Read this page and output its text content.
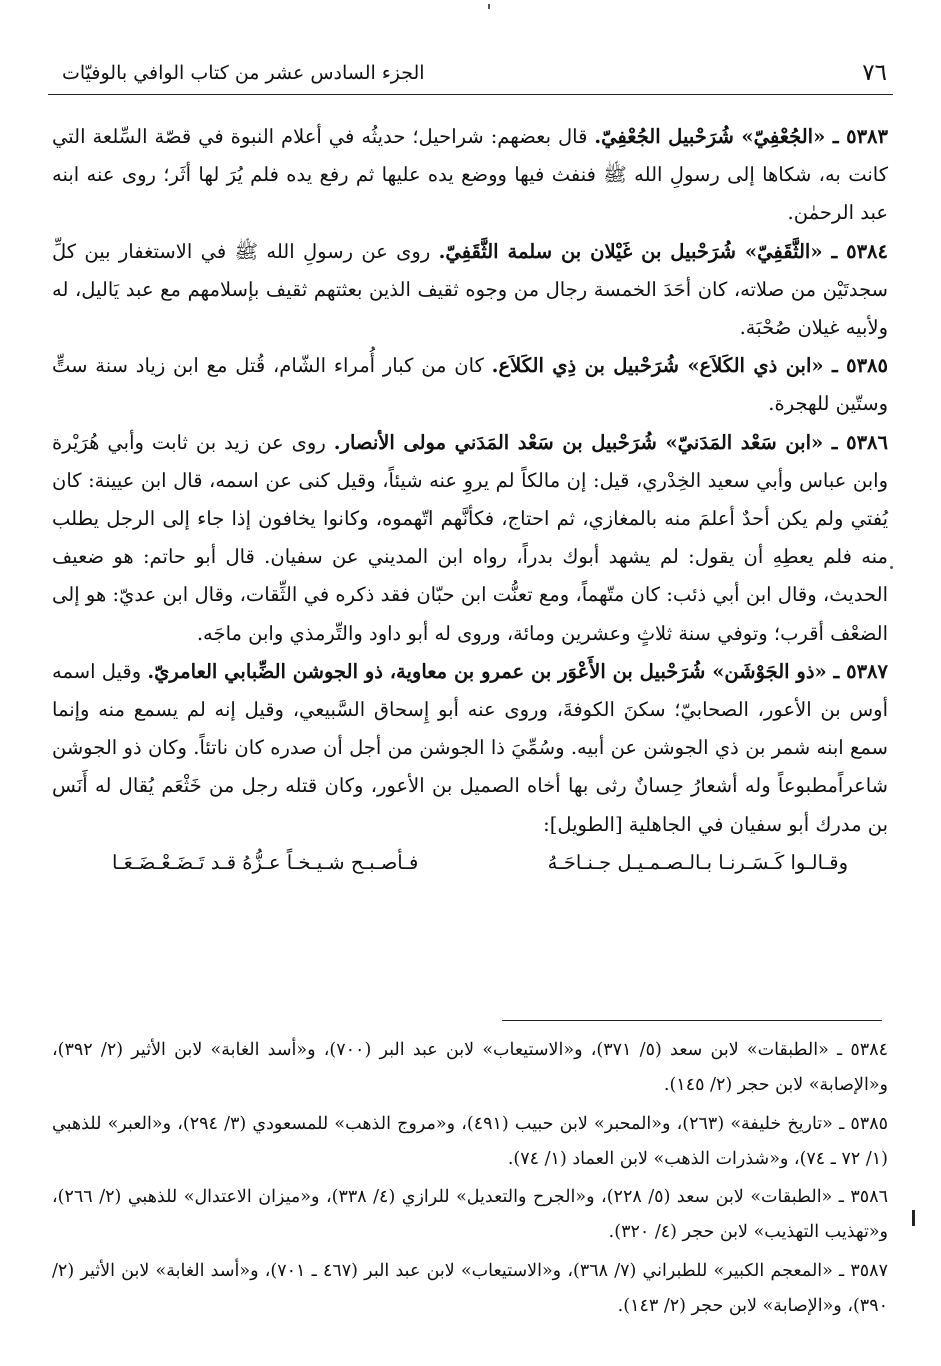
٧٦
الجزء السادس عشر من كتاب الوافي بالوفيّات

٥٣٨٣ ـ «الجُعْفِيّ» شُرَحْبيل الجُعْفِيّ. قال بعضهم: شراحيل؛ حديثُه في أعلام النبوة في قصّة السِّلعة التي كانت به، شكاها إلى رسولِ الله ﷺ فنفث فيها ووضع يده عليها ثم رفع يده فلم يُرَ لها أثَر؛ روى عنه ابنه عبد الرحمٰن.

٥٣٨٤ ـ «الثَّقَفِيّ» شُرَحْبيل بن غَيْلان بن سلمة الثَّقَفِيّ. روى عن رسولِ الله ﷺ في الاستغفار بين كلِّ سجدتَيْن من صلاته، كان أحَدَ الخمسة رجال من وجوه ثقيف الذين بعثتهم ثقيف بإسلامهم مع عبد يَاليل، له ولأبيه غيلان صُحْبَة.

٥٣٨٥ ـ «ابن ذي الكَلاَع» شُرَحْبيل بن ذِي الكَلاَع. كان من كبار أُمراء الشّام، قُتل مع ابن زياد سنة ستٍّ وستّين للهجرة.

٥٣٨٦ ـ «ابن سَعْد المَدَنيّ» شُرَحْبيل بن سَعْد المَدَني مولى الأنصار. روى عن زيد بن ثابت وأبي هُرَيْرة وابن عباس وأبي سعيد الخِدْري، قيل: إن مالكاً لم يروِ عنه شيئاً، وقيل كنى عن اسمه، قال ابن عيينة: كان يُفتي ولم يكن أحدٌ أعلمَ منه بالمغازي، ثم احتاج، فكأنَّهم اتّهموه، وكانوا يخافون إذا جاء إلى الرجل يطلب منه فلم يعطِهِ أن يقول: لم يشهد أبوك بدراً، رواه ابن المديني عن سفيان. قال أبو حاتم: هو ضعيف الحديث، وقال ابن أبي ذئب: كان متّهماً، ومع تعنُّت ابن حبّان فقد ذكره في الثِّقات، وقال ابن عديّ: هو إلى الضعْف أقرب؛ وتوفي سنة ثلاثٍ وعشرين ومائة، وروى له أبو داود والتِّرمذي وابن ماجَه.

٥٣٨٧ ـ «ذو الجَوْشَن» شُرَحْبيل بن الأَعْوَر بن عمرو بن معاوية، ذو الجوشن الضِّبابي العامريّ. وقيل اسمه أوس بن الأعور، الصحابيّ؛ سكنَ الكوفةَ، وروى عنه أبو إِسحاق السَّبيعي، وقيل إنه لم يسمع منه وإنما سمع ابنه شمر بن ذي الجوشن عن أبيه. وسُمِّيَ ذا الجوشن من أجل أن صدره كان ناتئاً. وكان ذو الجوشن شاعراًمطبوعاً وله أشعارُ حِسانٌ رثى بها أخاه الصميل بن الأعور، وكان قتله رجل من خَثْعَم يُقال له أَنَس بن مدرك أبو سفيان في الجاهلية [الطويل]:

وقـالـوا كَـسَـرنـا بـالـصـمـيـل جـنـاحَـهُ
فـأصـبـح شـيـخـاً عـزُّهُ قـد تَـضَـعْـضَـعَـا

٥٣٨٤ ـ «الطبقات» لابن سعد (٥/ ٣٧١)، و«الاستيعاب» لابن عبد البر (٧٠٠)، و«أسد الغابة» لابن الأثير (٢/ ٣٩٢)، و«الإصابة» لابن حجر (٢/ ١٤٥).

٥٣٨٥ ـ «تاريخ خليفة» (٢٦٣)، و«المحبر» لابن حبيب (٤٩١)، و«مروج الذهب» للمسعودي (٣/ ٢٩٤)، و«العبر» للذهبي (١/ ٧٢ ـ ٧٤)، و«شذرات الذهب» لابن العماد (١/ ٧٤).

٣٥٨٦ ـ «الطبقات» لابن سعد (٥/ ٢٢٨)، و«الجرح والتعديل» للرازي (٤/ ٣٣٨)، و«ميزان الاعتدال» للذهبي (٢/ ٢٦٦)، و«تهذيب التهذيب» لابن حجر (٤/ ٣٢٠).

٣٥٨٧ ـ «المعجم الكبير» للطبراني (٧/ ٣٦٨)، و«الاستيعاب» لابن عبد البر (٤٦٧ ـ ٧٠١)، و«أسد الغابة» لابن الأثير (٢/ ٣٩٠)، و«الإصابة» لابن حجر (٢/ ١٤٣).
